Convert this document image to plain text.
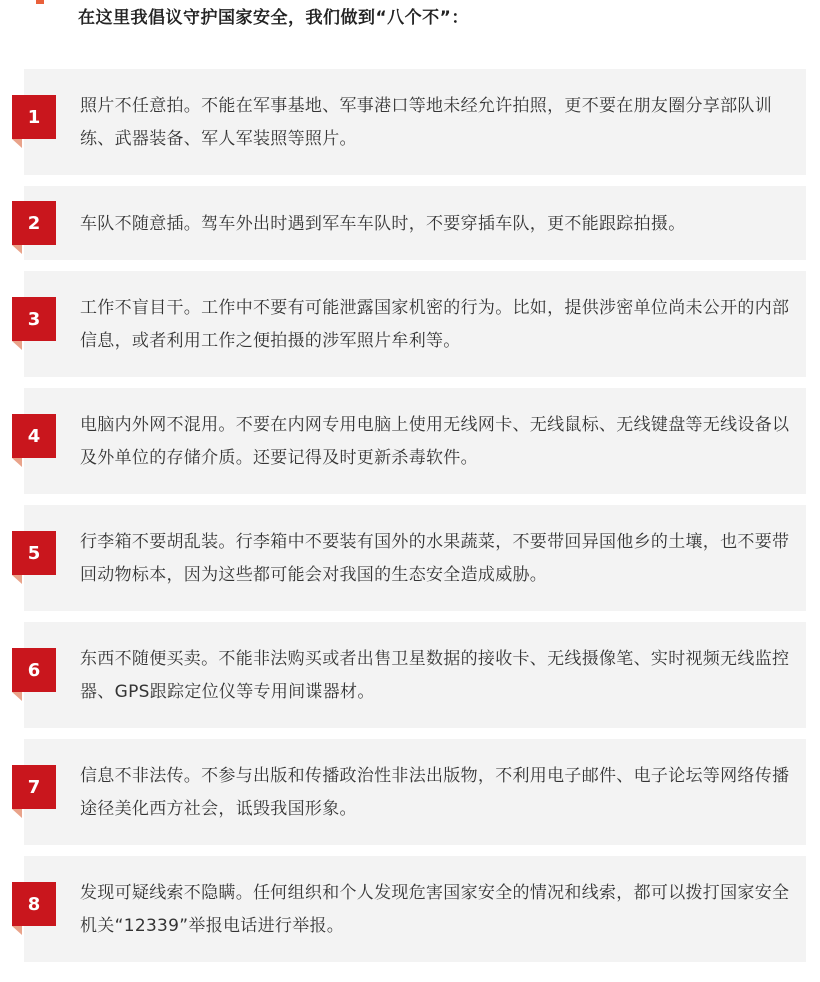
在这里我倡议守护国家安全，我们做到“八个不”：
1
照片不任意拍。不能在军事基地、军事港口等地未经允许拍照，更不要在朋友圈分享部队训练、武器装备、军人军装照等照片。
2	车队不随意插。驾车外出时遇到军车车队时，不要穿插车队，更不能跟踪拍摄。
3
工作不盲目干。工作中不要有可能泄露国家机密的行为。比如，提供涉密单位尚未公开的内部信息，或者利用工作之便拍摄的涉军照片牟利等。
4
电脑内外网不混用。不要在内网专用电脑上使用无线网卡、无线鼠标、无线键盘等无线设备以及外单位的存储介质。还要记得及时更新杀毒软件。
5
行李箱不要胡乱装。行李箱中不要装有国外的水果蔬菜，不要带回异国他乡的土壤，也不要带回动物标本，因为这些都可能会对我国的生态安全造成威胁。
6
东西不随便买卖。不能非法购买或者出售卫星数据的接收卡、无线摄像笔、实时视频无线监控器、GPS跟踪定位仪等专用间谍器材。
7
信息不非法传。不参与出版和传播政治性非法出版物，不利用电子邮件、电子论坛等网络传播途径美化西方社会，诋毁我国形象。
8
发现可疑线索不隐瞒。任何组织和个人发现危害国家安全的情况和线索，都可以拨打国家安全机关“12339”举报电话进行举报。
